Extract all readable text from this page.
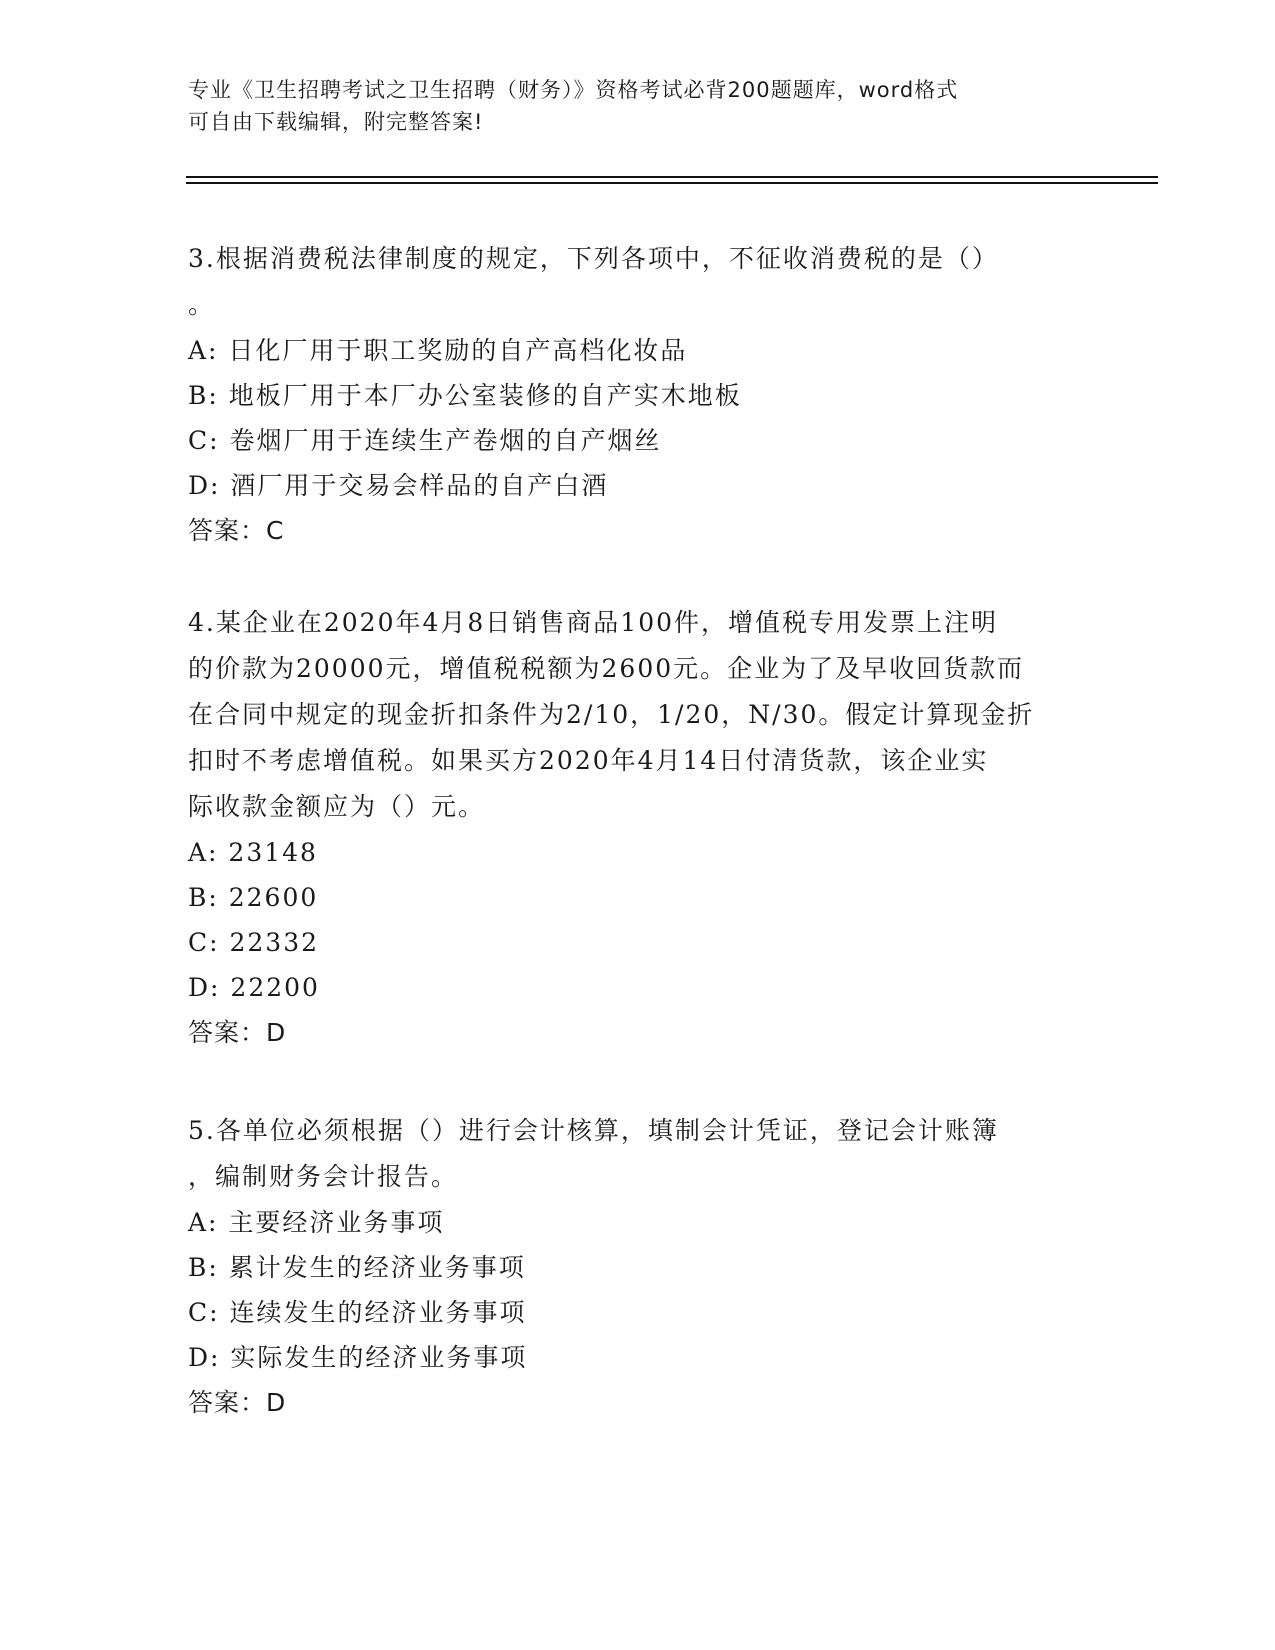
专业《卫生招聘考试之卫生招聘（财务）》资格考试必背200题题库，word格式

可自由下载编辑，附完整答案!

3.根据消费税法律制度的规定，下列各项中，不征收消费税的是（）

。

A: 日化厂用于职工奖励的自产高档化妆品

B: 地板厂用于本厂办公室装修的自产实木地板

C: 卷烟厂用于连续生产卷烟的自产烟丝

D: 酒厂用于交易会样品的自产白酒

答案：C

4.某企业在2020年4月8日销售商品100件，增值税专用发票上注明

的价款为20000元，增值税税额为2600元。企业为了及早收回货款而

在合同中规定的现金折扣条件为2/10，1/20，N/30。假定计算现金折

扣时不考虑增值税。如果买方2020年4月14日付清货款，该企业实

际收款金额应为（）元。

A: 23148

B: 22600

C: 22332

D: 22200

答案：D

5.各单位必须根据（）进行会计核算，填制会计凭证，登记会计账簿

，编制财务会计报告。

A: 主要经济业务事项

B: 累计发生的经济业务事项

C: 连续发生的经济业务事项

D: 实际发生的经济业务事项

答案：D
